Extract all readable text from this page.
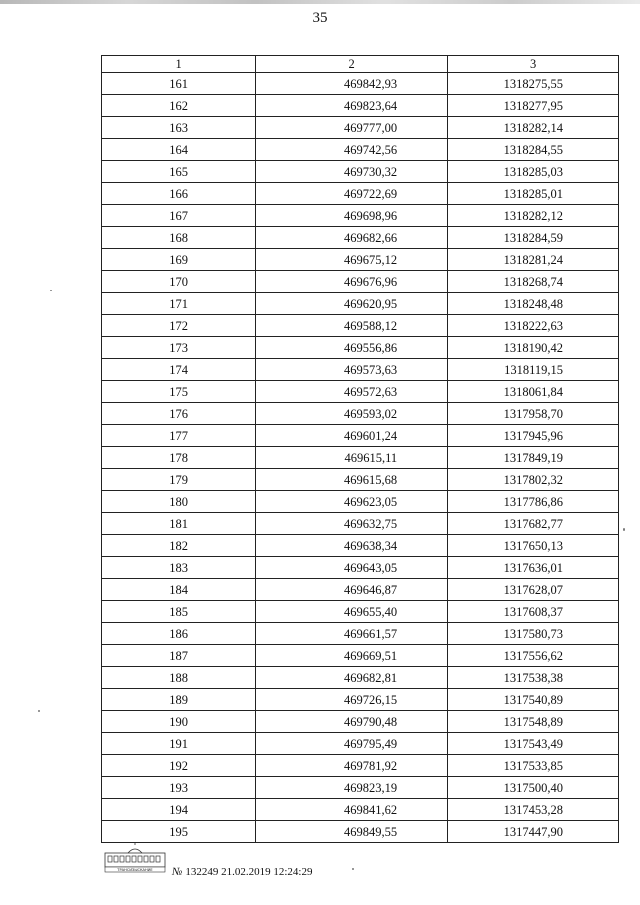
35
1	2	3
161	469842,93	1318275,55
162	469823,64	1318277,95
163	469777,00	1318282,14
164	469742,56	1318284,55
165	469730,32	1318285,03
166	469722,69	1318285,01
167	469698,96	1318282,12
168	469682,66	1318284,59
169	469675,12	1318281,24
170	469676,96	1318268,74
171	469620,95	1318248,48
172	469588,12	1318222,63
173	469556,86	1318190,42
174	469573,63	1318119,15
175	469572,63	1318061,84
176	469593,02	1317958,70
177	469601,24	1317945,96
178	469615,11	1317849,19
179	469615,68	1317802,32
180	469623,05	1317786,86
181	469632,75	1317682,77
182	469638,34	1317650,13
183	469643,05	1317636,01
184	469646,87	1317628,07
185	469655,40	1317608,37
186	469661,57	1317580,73
187	469669,51	1317556,62
188	469682,81	1317538,38
189	469726,15	1317540,89
190	469790,48	1317548,89
191	469795,49	1317543,49
192	469781,92	1317533,85
193	469823,19	1317500,40
194	469841,62	1317453,28
195	469849,55	1317447,90
ТРАНСИЗЫСКАНИЕ № 132249 21.02.2019 12:24:29
